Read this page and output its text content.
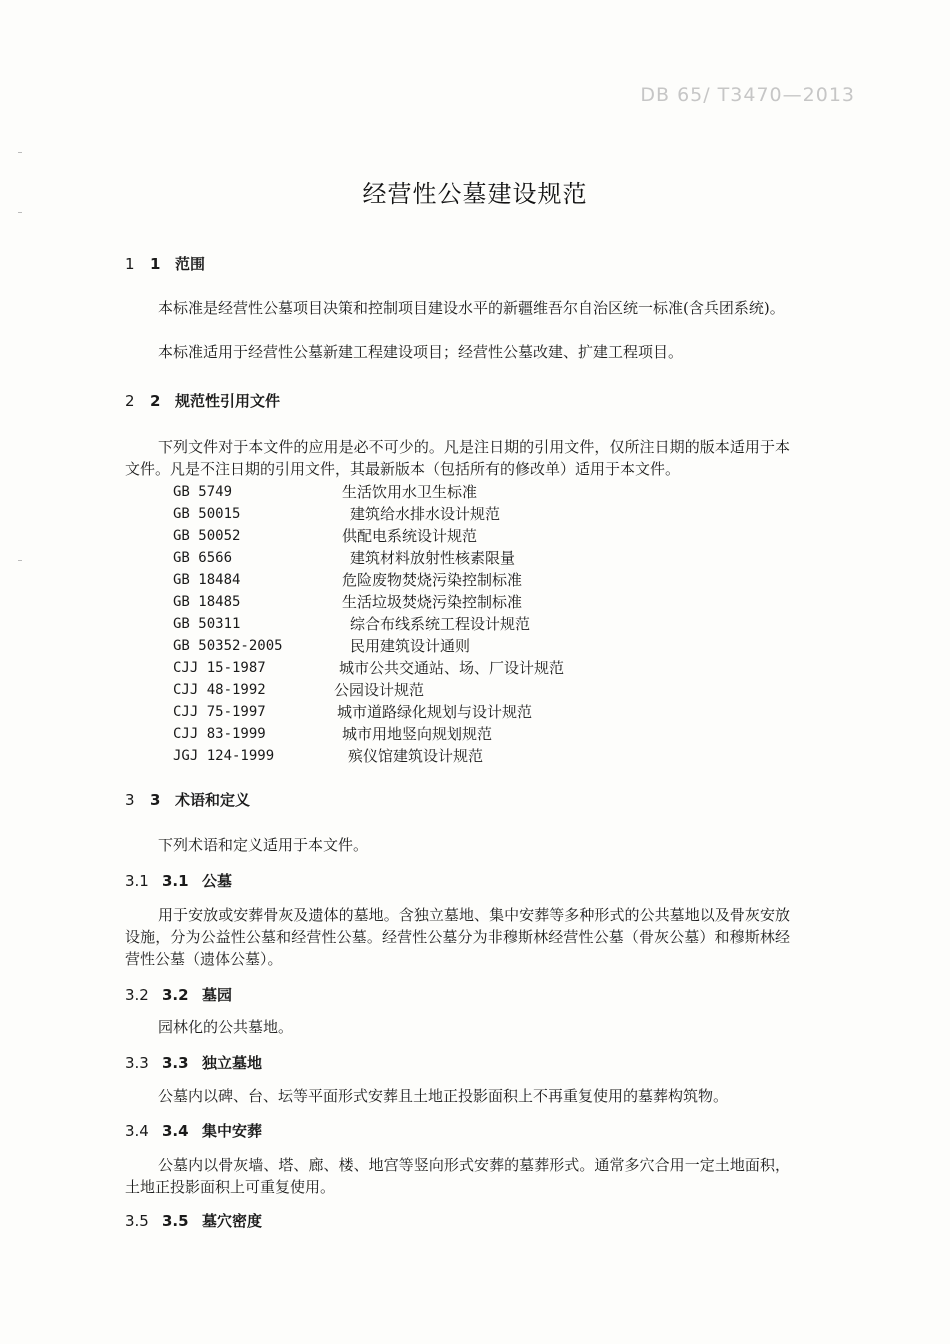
DB 65/ T3470—2013
经营性公墓建设规范
1 1 范围
本标准是经营性公墓项目决策和控制项目建设水平的新疆维吾尔自治区统一标准(含兵团系统)。
本标准适用于经营性公墓新建工程建设项目；经营性公墓改建、扩建工程项目。
2 2 规范性引用文件
下列文件对于本文件的应用是必不可少的。凡是注日期的引用文件，仅所注日期的版本适用于本文件。凡是不注日期的引用文件，其最新版本（包括所有的修改单）适用于本文件。
GB 5749	生活饮用水卫生标准
GB 50015	建筑给水排水设计规范
GB 50052	供配电系统设计规范
GB 6566	建筑材料放射性核素限量
GB 18484	危险废物焚烧污染控制标准
GB 18485	生活垃圾焚烧污染控制标准
GB 50311	综合布线系统工程设计规范
GB 50352-2005	民用建筑设计通则
CJJ 15-1987	城市公共交通站、场、厂设计规范
CJJ 48-1992	公园设计规范
CJJ 75-1997	城市道路绿化规划与设计规范
CJJ 83-1999	城市用地竖向规划规范
JGJ 124-1999	殡仪馆建筑设计规范
3 3 术语和定义
下列术语和定义适用于本文件。
3.1 3.1 公墓
用于安放或安葬骨灰及遗体的墓地。含独立墓地、集中安葬等多种形式的公共墓地以及骨灰安放设施，分为公益性公墓和经营性公墓。经营性公墓分为非穆斯林经营性公墓（骨灰公墓）和穆斯林经营性公墓（遗体公墓）。
3.2 3.2 墓园
园林化的公共墓地。
3.3 3.3 独立墓地
公墓内以碑、台、坛等平面形式安葬且土地正投影面积上不再重复使用的墓葬构筑物。
3.4 3.4 集中安葬
公墓内以骨灰墙、塔、廊、楼、地宫等竖向形式安葬的墓葬形式。通常多穴合用一定土地面积，土地正投影面积上可重复使用。
3.5 3.5 墓穴密度
